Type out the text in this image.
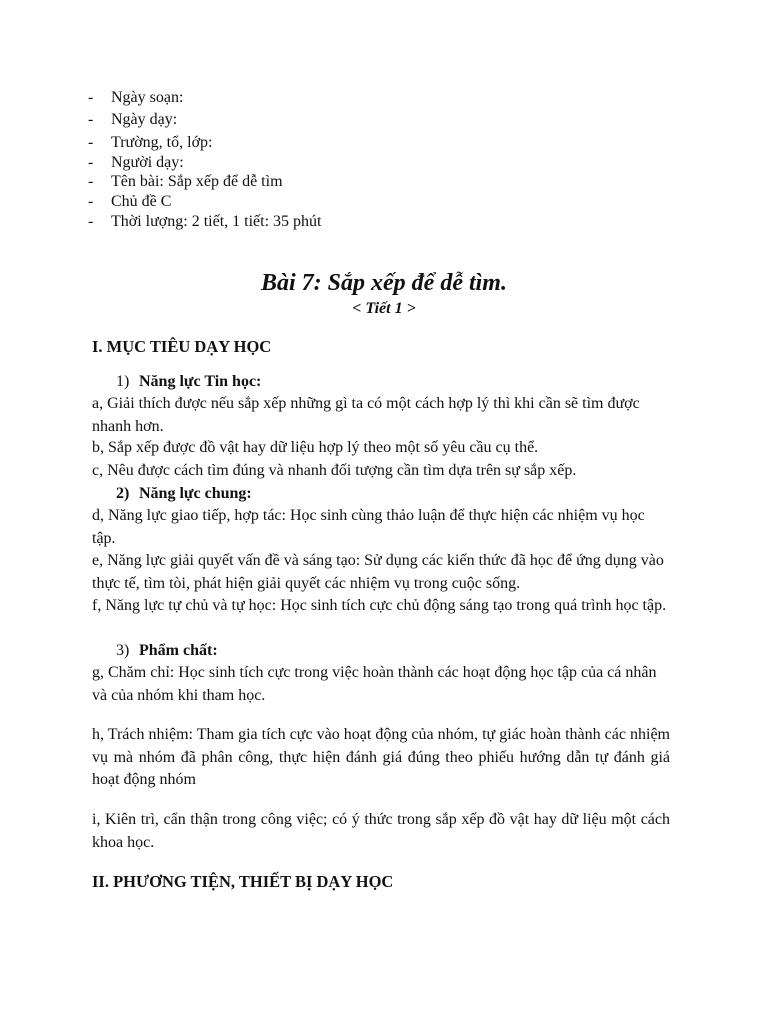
- Ngày soạn:
- Ngày dạy:
- Trường, tổ, lớp:
- Người dạy:
- Tên bài: Sắp xếp để dễ tìm
- Chủ đề C
- Thời lượng: 2 tiết, 1 tiết: 35 phút
Bài 7: Sắp xếp để dễ tìm.
< Tiết 1 >
I. MỤC TIÊU DẠY HỌC
1) Năng lực Tin học:
a, Giải thích được nếu sắp xếp những gì ta có một cách hợp lý thì khi cần sẽ tìm được nhanh hơn.
b, Sắp xếp được đồ vật hay dữ liệu hợp lý theo một số yêu cầu cụ thể.
c, Nêu được cách tìm đúng và nhanh đối tượng cần tìm dựa trên sự sắp xếp.
2) Năng lực chung:
d, Năng lực giao tiếp, hợp tác: Học sinh cùng thảo luận để thực hiện các nhiệm vụ học tập.
e, Năng lực giải quyết vấn đề và sáng tạo: Sử dụng các kiến thức đã học để ứng dụng vào thực tế, tìm tòi, phát hiện giải quyết các nhiệm vụ trong cuộc sống.
f, Năng lực tự chủ và tự học: Học sinh tích cực chủ động sáng tạo trong quá trình học tập.
3) Phẩm chất:
g, Chăm chỉ: Học sinh tích cực trong việc hoàn thành các hoạt động học tập của cá nhân và của nhóm khi tham học.
h, Trách nhiệm: Tham gia tích cực vào hoạt động của nhóm, tự giác hoàn thành các nhiệm vụ mà nhóm đã phân công, thực hiện đánh giá đúng theo phiếu hướng dẫn tự đánh giá hoạt động nhóm
i, Kiên trì, cẩn thận trong công việc; có ý thức trong sắp xếp đồ vật hay dữ liệu một cách khoa học.
II. PHƯƠNG TIỆN, THIẾT BỊ DẠY HỌC
